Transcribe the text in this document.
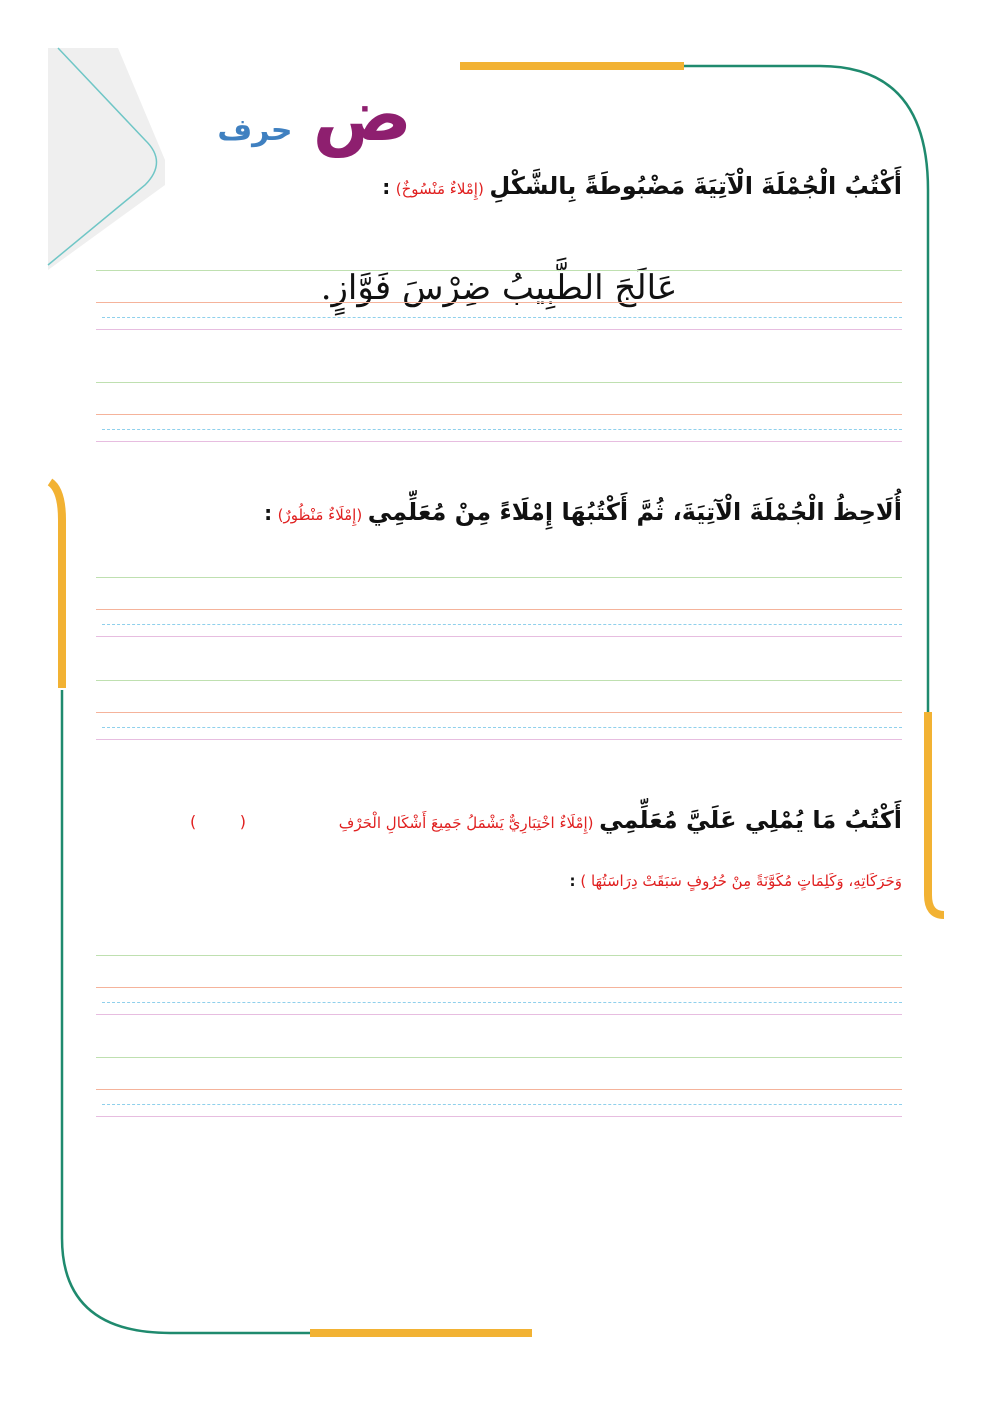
حرف ض
أَكْتُبُ الْجُمْلَةَ الْآتِيَةَ مَضْبُوطَةً بِالشَّكْلِ (إِمْلاءٌ مَنْسُوخٌ) :
عَالَجَ الطَّبِيبُ ضِرْسَ فَوَّازٍ.
أُلَاحِظُ الْجُمْلَةَ الْآتِيَةَ، ثُمَّ أَكْتُبُهَا إِمْلَاءً مِنْ مُعَلِّمِي (إِمْلَاءٌ مَنْظُورٌ) :
أَكْتُبُ مَا يُمْلِي عَلَيَّ مُعَلِّمِي (إِمْلَاءٌ اخْتِبَارِيٌّ يَشْمَلُ جَمِيعَ أَشْكَالِ الْحَرْفِ
(	)
وَحَرَكَاتِهِ، وَكَلِمَاتٍ مُكَوَّنَةً مِنْ حُرُوفٍ سَبَقَتْ دِرَاسَتُهَا ) :
